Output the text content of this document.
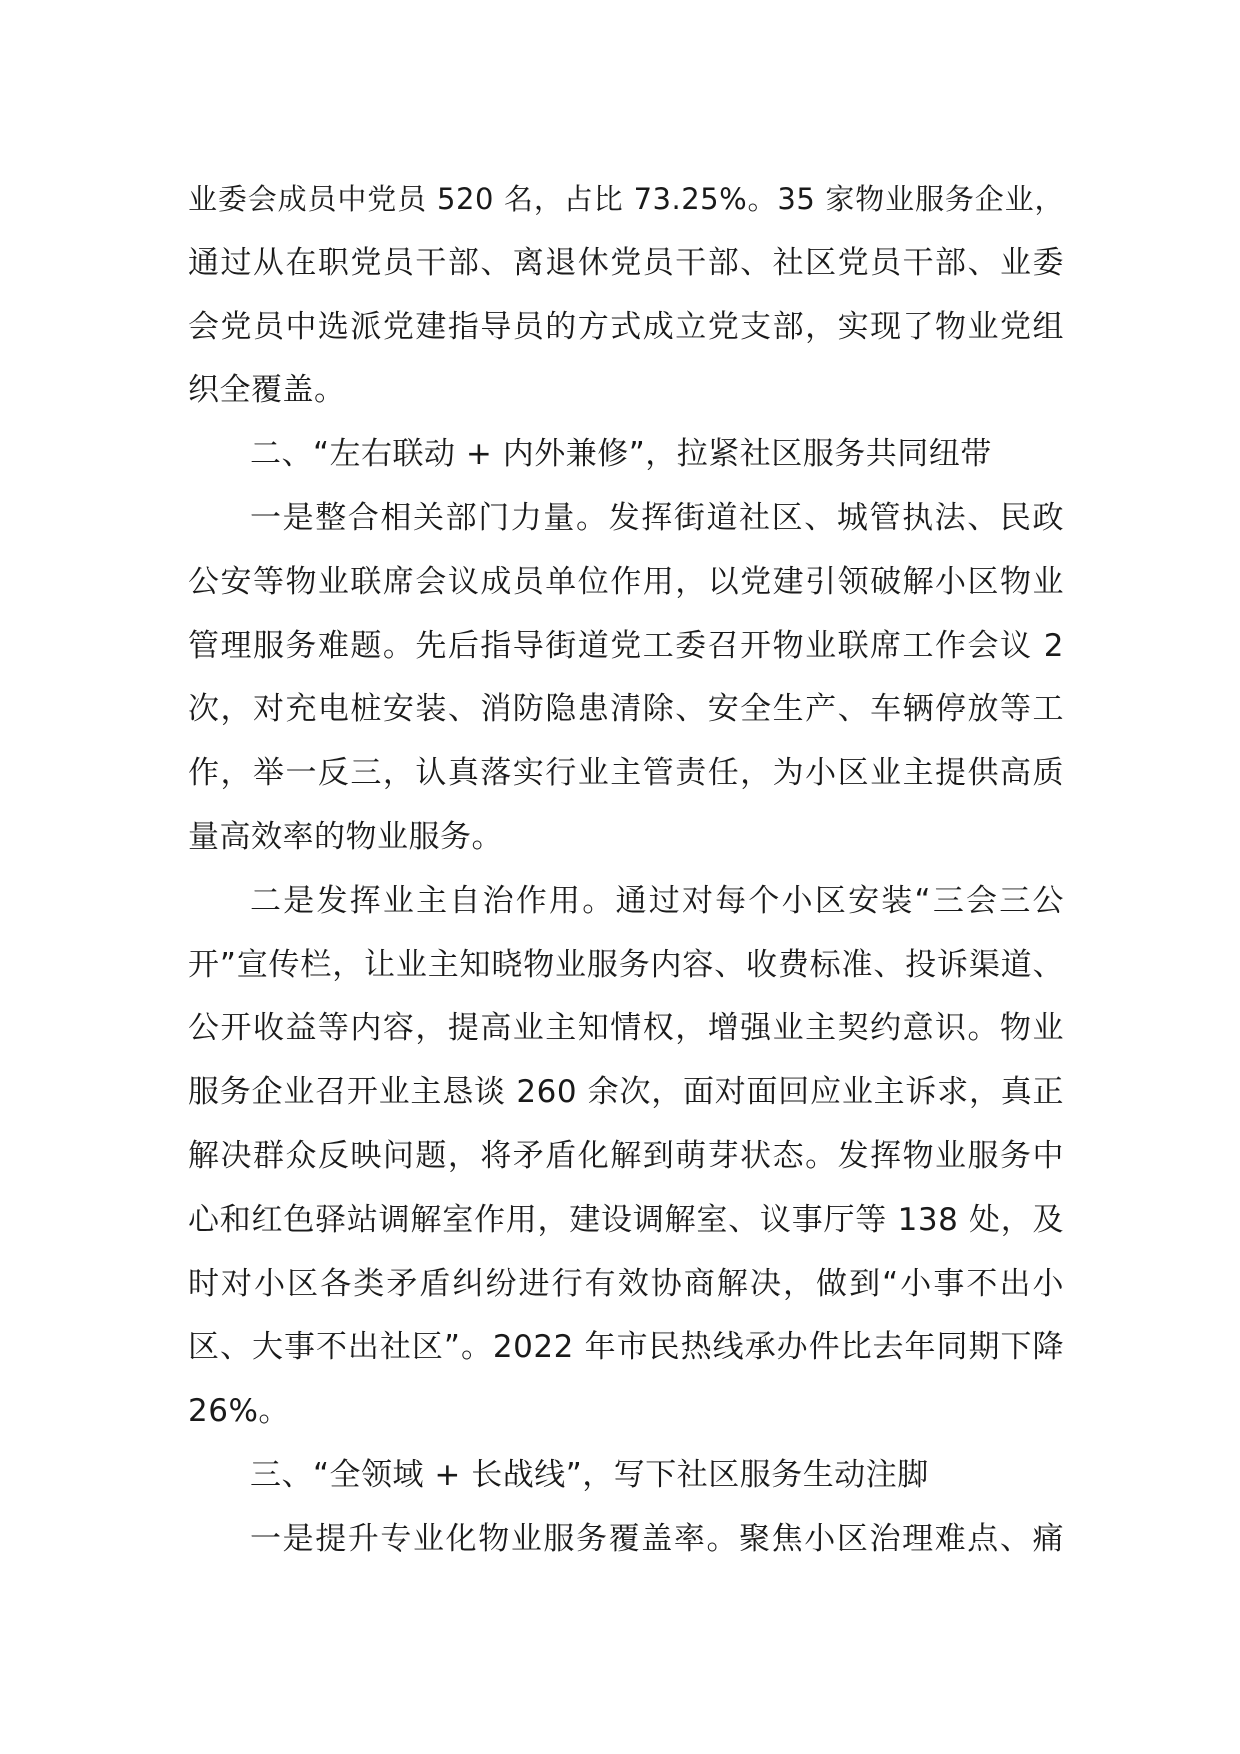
业委会成员中党员 520 名，占比 73.25%。35 家物业服务企业，
通过从在职党员干部、离退休党员干部、社区党员干部、业委
会党员中选派党建指导员的方式成立党支部，实现了物业党组
织全覆盖。
二、“左右联动 + 内外兼修”，拉紧社区服务共同纽带
一是整合相关部门力量。发挥街道社区、城管执法、民政
公安等物业联席会议成员单位作用，以党建引领破解小区物业
管理服务难题。先后指导街道党工委召开物业联席工作会议 2
次，对充电桩安装、消防隐患清除、安全生产、车辆停放等工
作，举一反三，认真落实行业主管责任，为小区业主提供高质
量高效率的物业服务。
二是发挥业主自治作用。通过对每个小区安装“三会三公
开”宣传栏，让业主知晓物业服务内容、收费标准、投诉渠道、
公开收益等内容，提高业主知情权，增强业主契约意识。物业
服务企业召开业主恳谈 260 余次，面对面回应业主诉求，真正
解决群众反映问题，将矛盾化解到萌芽状态。发挥物业服务中
心和红色驿站调解室作用，建设调解室、议事厅等 138 处，及
时对小区各类矛盾纠纷进行有效协商解决，做到“小事不出小
区、大事不出社区”。2022 年市民热线承办件比去年同期下降
26%。
三、“全领域 + 长战线”，写下社区服务生动注脚
一是提升专业化物业服务覆盖率。聚焦小区治理难点、痛
